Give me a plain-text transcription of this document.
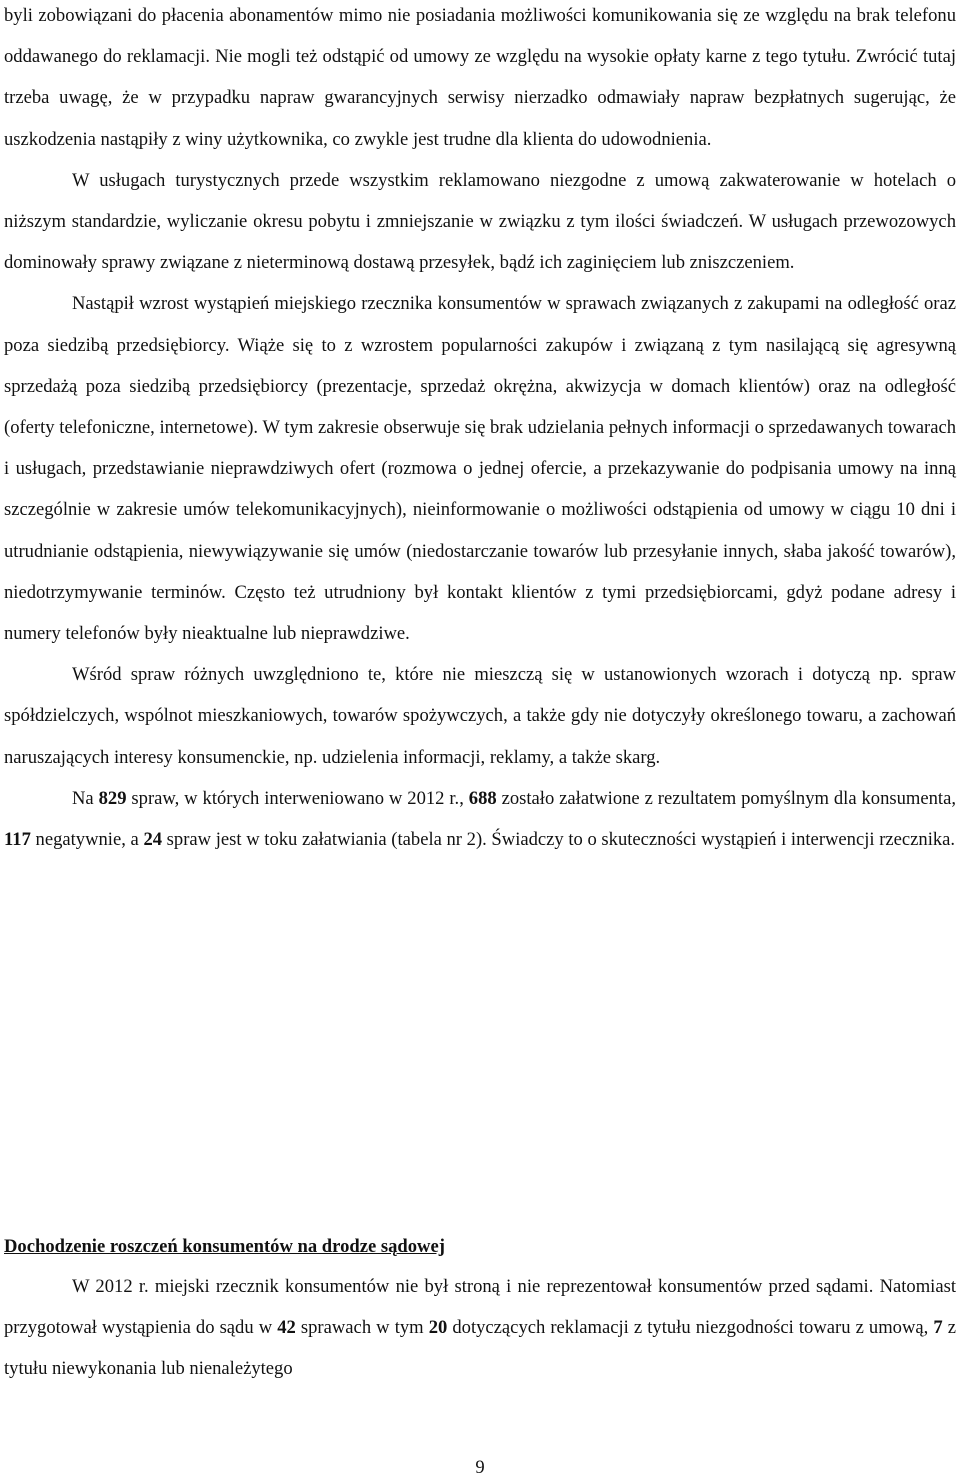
byli zobowiązani do płacenia abonamentów mimo nie posiadania możliwości komunikowania się ze względu na brak telefonu oddawanego do reklamacji. Nie mogli też odstąpić od umowy ze względu na wysokie opłaty karne z tego tytułu. Zwrócić tutaj trzeba uwagę, że w przypadku napraw gwarancyjnych serwisy nierzadko odmawiały napraw bezpłatnych sugerując, że uszkodzenia nastąpiły z winy użytkownika, co zwykle jest trudne dla klienta do udowodnienia.

W usługach turystycznych przede wszystkim reklamowano niezgodne z umową zakwaterowanie w hotelach o niższym standardzie, wyliczanie okresu pobytu i zmniejszanie w związku z tym ilości świadczeń. W usługach przewozowych dominowały sprawy związane z nieterminową dostawą przesyłek, bądź ich zaginięciem lub zniszczeniem.

Nastąpił wzrost wystąpień miejskiego rzecznika konsumentów w sprawach związanych z zakupami na odległość oraz poza siedzibą przedsiębiorcy. Wiąże się to z wzrostem popularności zakupów i związaną z tym nasilającą się agresywną sprzedażą poza siedzibą przedsiębiorcy (prezentacje, sprzedaż okrężna, akwizycja w domach klientów) oraz na odległość (oferty telefoniczne, internetowe). W tym zakresie obserwuje się brak udzielania pełnych informacji o sprzedawanych towarach i usługach, przedstawianie nieprawdziwych ofert (rozmowa o jednej ofercie, a przekazywanie do podpisania umowy na inną szczególnie w zakresie umów telekomunikacyjnych), nieinformowanie o możliwości odstąpienia od umowy w ciągu 10 dni i utrudnianie odstąpienia, niewywiązywanie się umów (niedostarczanie towarów lub przesyłanie innych, słaba jakość towarów), niedotrzymywanie terminów. Często też utrudniony był kontakt klientów z tymi przedsiębiorcami, gdyż podane adresy i numery telefonów były nieaktualne lub nieprawdziwe.

Wśród spraw różnych uwzględniono te, które nie mieszczą się w ustanowionych wzorach i dotyczą np. spraw spółdzielczych, wspólnot mieszkaniowych, towarów spożywczych, a także gdy nie dotyczyły określonego towaru, a zachowań naruszających interesy konsumenckie, np. udzielenia informacji, reklamy, a także skarg.

Na 829 spraw, w których interweniowano w 2012 r., 688 zostało załatwione z rezultatem pomyślnym dla konsumenta, 117 negatywnie, a 24 spraw jest w toku załatwiania (tabela nr 2). Świadczy to o skuteczności wystąpień i interwencji rzecznika.

Dochodzenie roszczeń konsumentów na drodze sądowej

W 2012 r. miejski rzecznik konsumentów nie był stroną i nie reprezentował konsumentów przed sądami. Natomiast przygotował wystąpienia do sądu w 42 sprawach w tym 20 dotyczących reklamacji z tytułu niezgodności towaru z umową, 7 z tytułu niewykonania lub nienależytego

9
